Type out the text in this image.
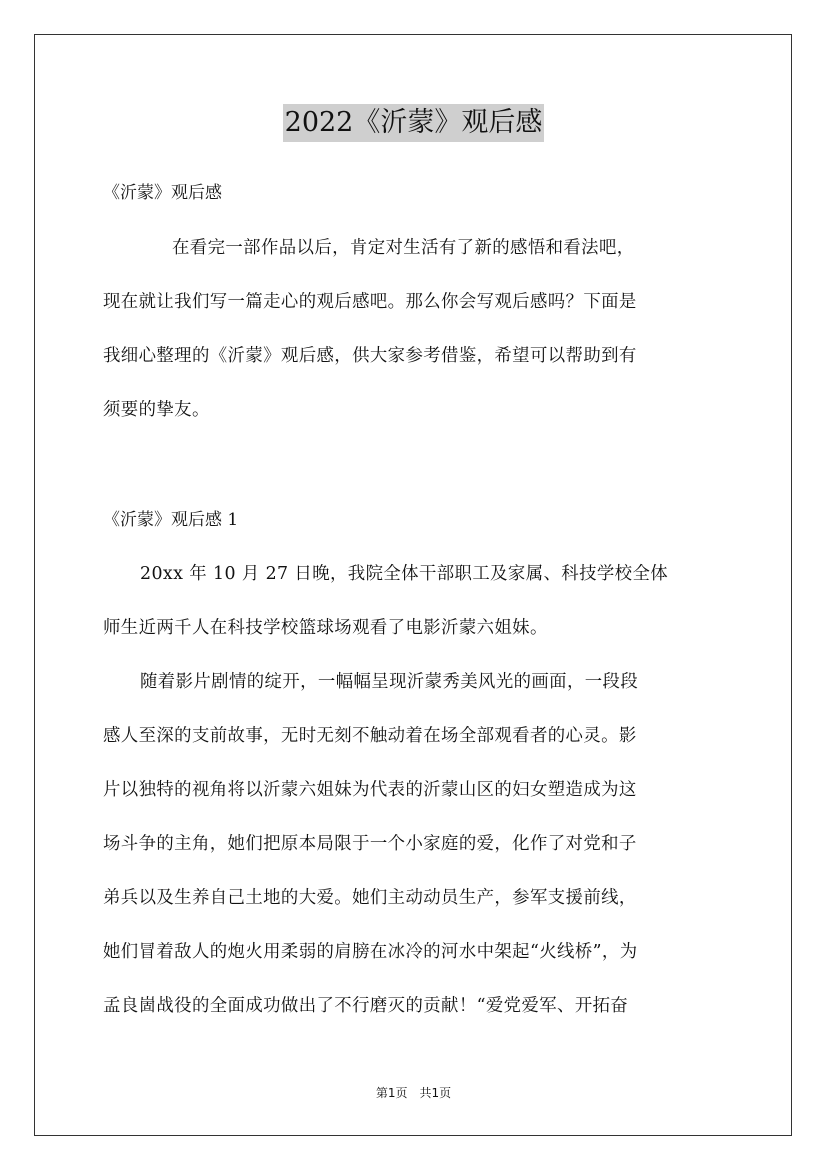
2022《沂蒙》观后感
《沂蒙》观后感
在看完一部作品以后，肯定对生活有了新的感悟和看法吧，
现在就让我们写一篇走心的观后感吧。那么你会写观后感吗？下面是
我细心整理的《沂蒙》观后感，供大家参考借鉴，希望可以帮助到有
须要的挚友。
《沂蒙》观后感 1
20xx 年 10 月 27 日晚，我院全体干部职工及家属、科技学校全体
师生近两千人在科技学校篮球场观看了电影沂蒙六姐妹。
随着影片剧情的绽开，一幅幅呈现沂蒙秀美风光的画面，一段段
感人至深的支前故事，无时无刻不触动着在场全部观看者的心灵。影
片以独特的视角将以沂蒙六姐妹为代表的沂蒙山区的妇女塑造成为这
场斗争的主角，她们把原本局限于一个小家庭的爱，化作了对党和子
弟兵以及生养自己土地的大爱。她们主动动员生产，参军支援前线，
她们冒着敌人的炮火用柔弱的肩膀在冰冷的河水中架起“火线桥”，为
孟良崮战役的全面成功做出了不行磨灭的贡献！“爱党爱军、开拓奋
第1页　共1页
